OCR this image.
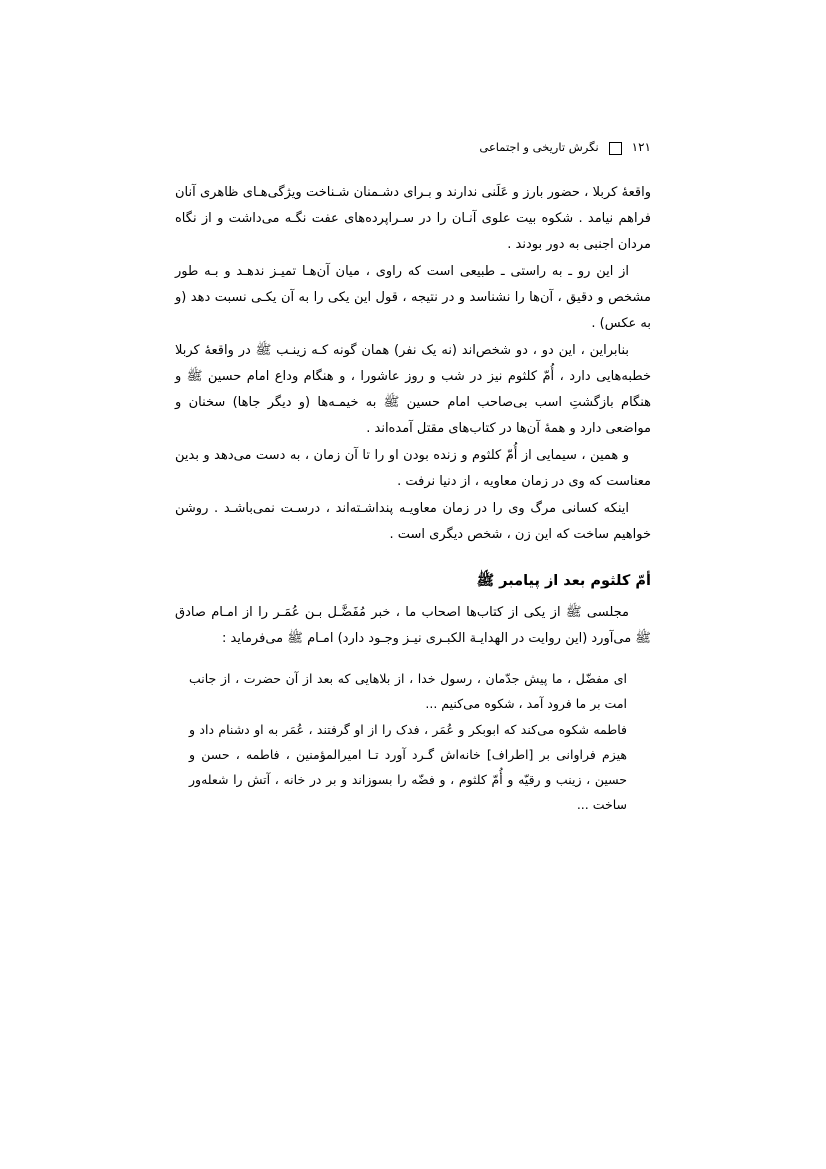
۱۲۱
نگرش تاریخی و اجتماعی

واقعهٔ کربلا ، حضور بارز و عَلَنی ندارند و بـرای دشـمنان شـناخت ویژگی‌هـای ظاهری آنان فراهم نیامد . شکوه بیت علوی آنـان را در سـراپرده‌های عفت نگـه می‌داشت و از نگاه مردان اجنبی به دور بودند .

از این رو ـ به راستی ـ طبیعی است که راوی ، میان آن‌هـا تمیـز ندهـد و بـه طور مشخص و دقیق ، آن‌ها را نشناسد و در نتیجه ، قول این یکی را به آن یکـی نسبت دهد (و به عکس) .

بنابراین ، این دو ، دو شخص‌اند (نه یک نفر) همان گونه کـه زینـب ﷺ در واقعهٔ کربلا خطبه‌هایی دارد ، أُمّ کلثوم نیز در شب و روز عاشورا ، و هنگام وداع امام حسین ﷺ و هنگام بازگشتِ اسب بی‌صاحب امام حسین ﷺ به خیمـه‌ها (و دیگر جاها) سخنان و مواضعی دارد و همهٔ آن‌ها در کتاب‌های مقتل آمده‌اند .

و همین ، سیمایی از أُمّ کلثوم و زنده بودن او را تا آن زمان ، به دست می‌دهد و بدین معناست که وی در زمان معاویه ، از دنیا نرفت .

اینکه کسانی مرگ وی را در زمان معاویـه پنداشـته‌اند ، درسـت نمی‌باشـد . روشن خواهیم ساخت که این زن ، شخص دیگری است .

أمّ کلثوم بعد از پیامبر ﷺ

مجلسی ﷺ از یکی از کتاب‌ها اصحاب ما ، خبر مُفَضَّـل بـن عُمَـر را از امـام صادق ﷺ می‌آورد (این روایت در الهدایـة الکبـری نیـز وجـود دارد) امـام ﷺ می‌فرماید :

ای مفضّل ، ما پیش جدّمان ، رسول خدا ، از بلاهایی که بعد از آن حضرت ، از جانب امت بر ما فرود آمد ، شکوه می‌کنیم ...

فاطمه شکوه می‌کند که ابوبکر و عُمَر ، فدک را از او گرفتند ، عُمَر به او دشنام داد و هیزم فراوانی بر [اطراف] خانه‌اش گـرد آورد تـا امیرالمؤمنین ، فاطمه ، حسن و حسین ، زینب و رقیّه و أُمّ کلثوم ، و فضّه را بسوزاند و بر در خانه ، آتش را شعله‌ور ساخت ...
